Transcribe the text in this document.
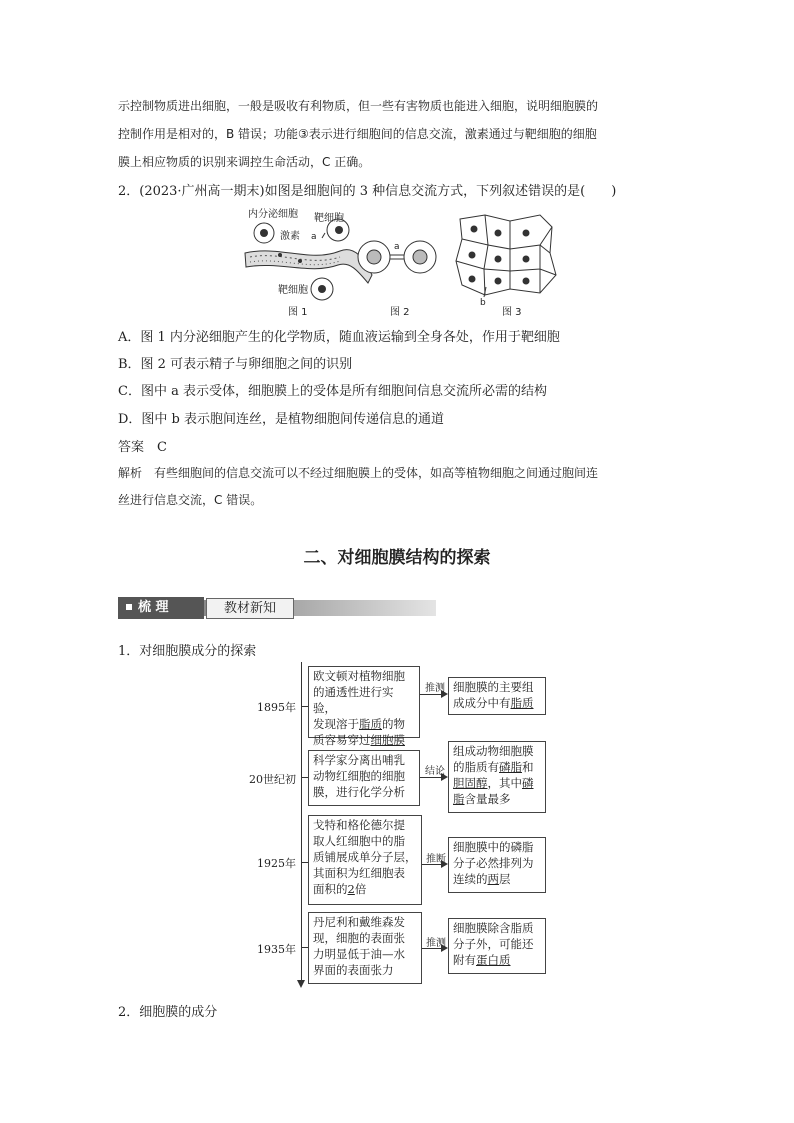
示控制物质进出细胞，一般是吸收有利物质，但一些有害物质也能进入细胞，说明细胞膜的
控制作用是相对的，B 错误；功能③表示进行细胞间的信息交流，激素通过与靶细胞的细胞
膜上相应物质的识别来调控生命活动，C 正确。
2．(2023·广州高一期末)如图是细胞间的 3 种信息交流方式，下列叙述错误的是(　　)
内分泌细胞 靶细胞
激素 a
靶细胞
a
b
图 1	图 2	图 3
A．图 1 内分泌细胞产生的化学物质，随血液运输到全身各处，作用于靶细胞
B．图 2 可表示精子与卵细胞之间的识别
C．图中 a 表示受体，细胞膜上的受体是所有细胞间信息交流所必需的结构
D．图中 b 表示胞间连丝，是植物细胞间传递信息的通道
答案　C
解析　有些细胞间的信息交流可以不经过细胞膜上的受体，如高等植物细胞之间通过胞间连
丝进行信息交流，C 错误。
二、对细胞膜结构的探索
梳 理	教材新知
1．对细胞膜成分的探索
1895年
欧文顿对植物细胞
的通透性进行实验，
发现溶于脂质的物
质容易穿过细胞膜
推测 细胞膜的主要组
成成分中有脂质
20世纪初
科学家分离出哺乳
动物红细胞的细胞
膜，进行化学分析
结论
组成动物细胞膜
的脂质有磷脂和
胆固醇，其中磷
脂含量最多
1925年
戈特和格伦德尔提
取人红细胞中的脂
质铺展成单分子层，
其面积为红细胞表
面积的2倍
推断
细胞膜中的磷脂
分子必然排列为
连续的两层
1935年
丹尼利和戴维森发
现，细胞的表面张
力明显低于油—水
界面的表面张力
推测
细胞膜除含脂质
分子外，可能还
附有蛋白质
2．细胞膜的成分
